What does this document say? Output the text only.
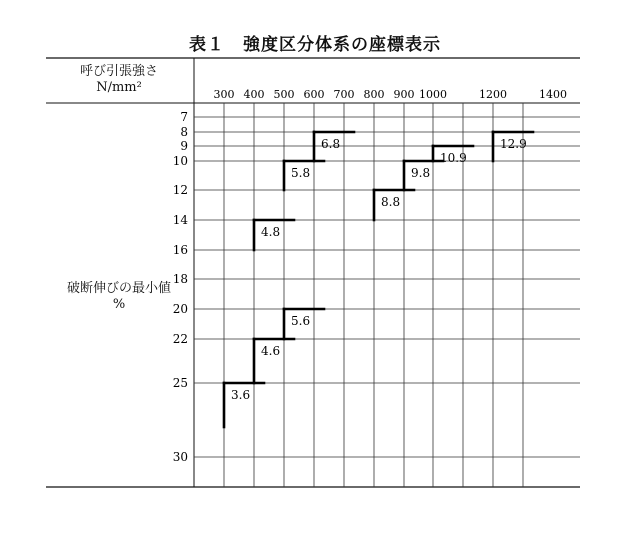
表１　強度区分体系の座標表示
呼び引張強さ
N/mm²
破断伸びの最小値
%
7
8
9
10
12
14
16
18
20
22
25
30
300 400 500 600 700 800 900 1000	1200	1400
3.6
4.6
5.6
4.8
5.8
6.8
8.8
9.8
10.9
12.9
